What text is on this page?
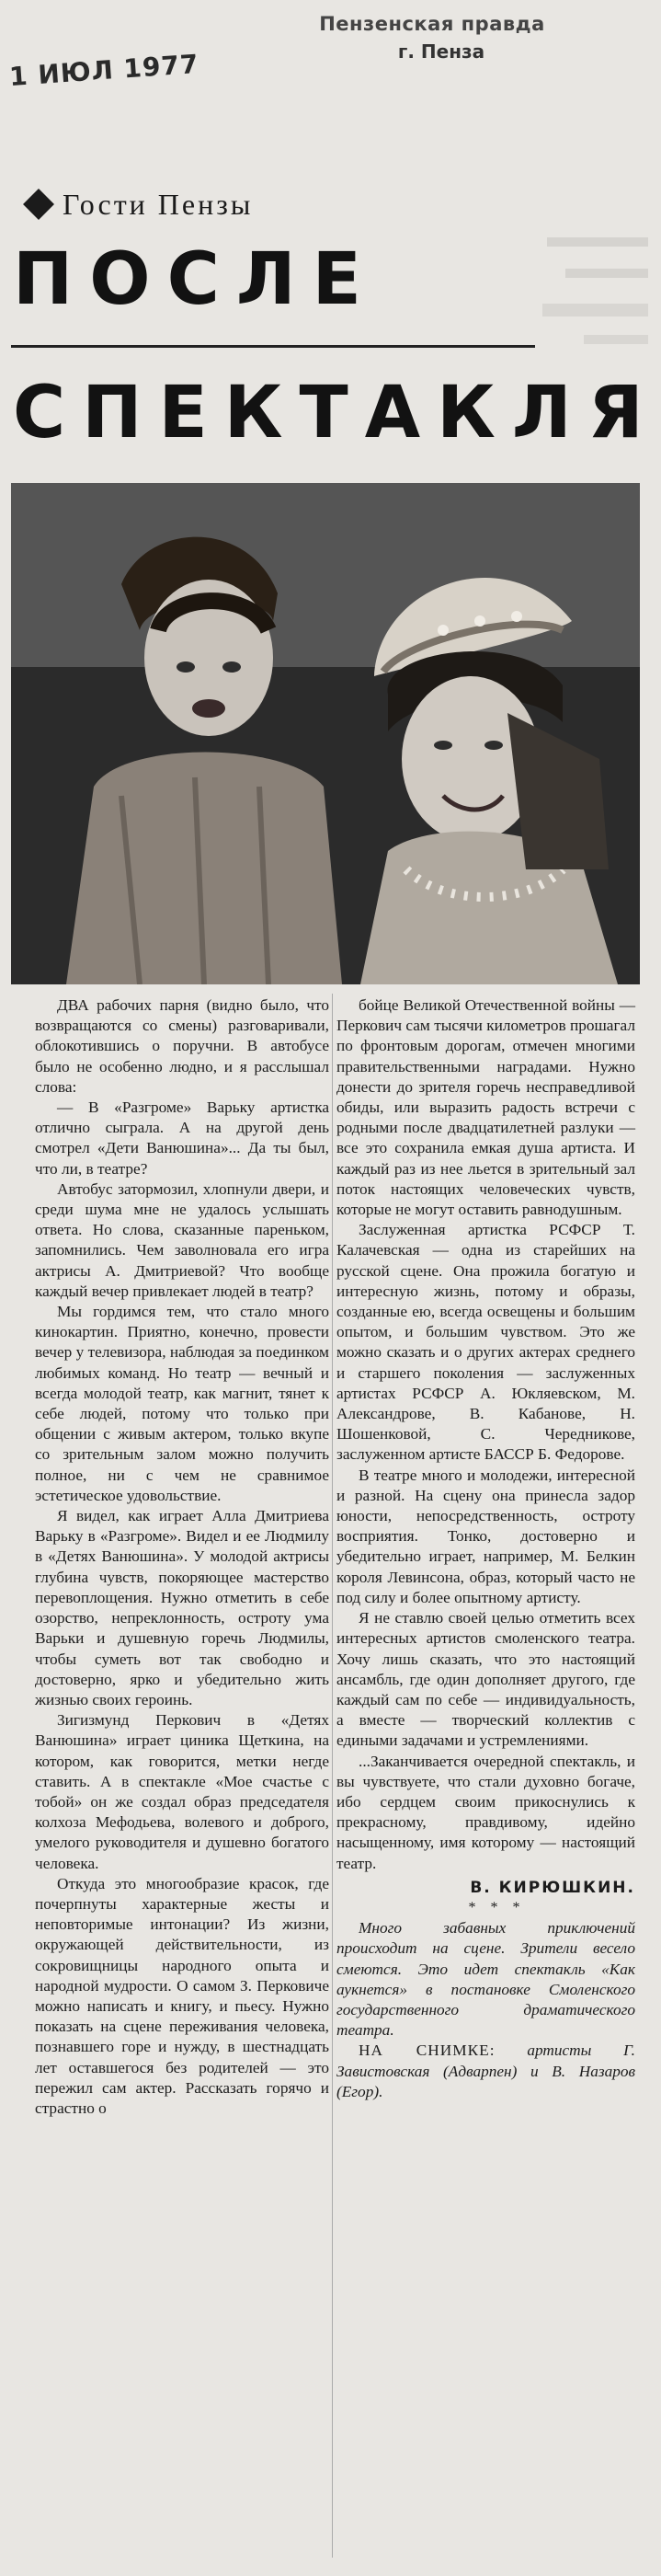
Пензенская правда
г. Пенза
1 ИЮЛ 1977
Гости Пензы
ПОСЛЕ
СПЕКТАКЛЯ

ДВА рабочих парня (видно было, что возвращаются со смены) разговаривали, облокотившись о поручни. В автобусе было не особенно людно, и я расслышал слова:

— В «Разгроме» Варьку артистка отлично сыграла. А на другой день смотрел «Дети Ванюшина»... Да ты был, что ли, в театре?

Автобус затормозил, хлопнули двери, и среди шума мне не удалось услышать ответа. Но слова, сказанные пареньком, запомнились. Чем заволновала его игра актрисы А. Дмитриевой? Что вообще каждый вечер привлекает людей в театр?

Мы гордимся тем, что стало много кинокартин. Приятно, конечно, провести вечер у телевизора, наблюдая за поединком любимых команд. Но театр — вечный и всегда молодой театр, как магнит, тянет к себе людей, потому что только при общении с живым актером, только вкупе со зрительным залом можно получить полное, ни с чем не сравнимое эстетическое удовольствие.

Я видел, как играет Алла Дмитриева Варьку в «Разгроме». Видел и ее Людмилу в «Детях Ванюшина». У молодой актрисы глубина чувств, покоряющее мастерство перевоплощения. Нужно отметить в себе озорство, непреклонность, остроту ума Варьки и душевную горечь Людмилы, чтобы суметь вот так свободно и достоверно, ярко и убедительно жить жизнью своих героинь.

Зигизмунд Перкович в «Детях Ванюшина» играет циника Щеткина, на котором, как говорится, метки негде ставить. А в спектакле «Мое счастье с тобой» он же создал образ председателя колхоза Мефодьева, волевого и доброго, умелого руководителя и душевно богатого человека.

Откуда это многообразие красок, где почерпнуты характерные жесты и неповторимые интонации? Из жизни, окружающей действительности, из сокровищницы народного опыта и народной мудрости. О самом З. Перковиче можно написать и книгу, и пьесу. Нужно показать на сцене переживания человека, познавшего горе и нужду, в шестнадцать лет оставшегося без родителей — это пережил сам актер. Рассказать горячо и страстно о

бойце Великой Отечественной войны — Перкович сам тысячи километров прошагал по фронтовым дорогам, отмечен многими правительственными наградами. Нужно донести до зрителя горечь несправедливой обиды, или выразить радость встречи с родными после двадцатилетней разлуки — все это сохранила емкая душа артиста. И каждый раз из нее льется в зрительный зал поток настоящих человеческих чувств, которые не могут оставить равнодушным.

Заслуженная артистка РСФСР Т. Калачевская — одна из старейших на русской сцене. Она прожила богатую и интересную жизнь, потому и образы, созданные ею, всегда освещены и большим опытом, и большим чувством. Это же можно сказать и о других актерах среднего и старшего поколения — заслуженных артистах РСФСР А. Юкляевском, М. Александрове, В. Кабанове, Н. Шошенковой, С. Чередникове, заслуженном артисте БАССР Б. Федорове.

В театре много и молодежи, интересной и разной. На сцену она принесла задор юности, непосредственность, остроту восприятия. Тонко, достоверно и убедительно играет, например, М. Белкин короля Левинсона, образ, который часто не под силу и более опытному артисту.

Я не ставлю своей целью отметить всех интересных артистов смоленского театра. Хочу лишь сказать, что это настоящий ансамбль, где один дополняет другого, где каждый сам по себе — индивидуальность, а вместе — творческий коллектив с едиными задачами и устремлениями.

...Заканчивается очередной спектакль, и вы чувствуете, что стали духовно богаче, ибо сердцем своим прикоснулись к прекрасному, правдивому, идейно насыщенному, имя которому — настоящий театр.

В. КИРЮШКИН.

* * *

Много забавных приключений происходит на сцене. Зрители весело смеются. Это идет спектакль «Как аукнется» в постановке Смоленского государственного драматического театра.

НА СНИМКЕ: артисты Г. Завистовская (Адварпен) и В. Назаров (Егор).
